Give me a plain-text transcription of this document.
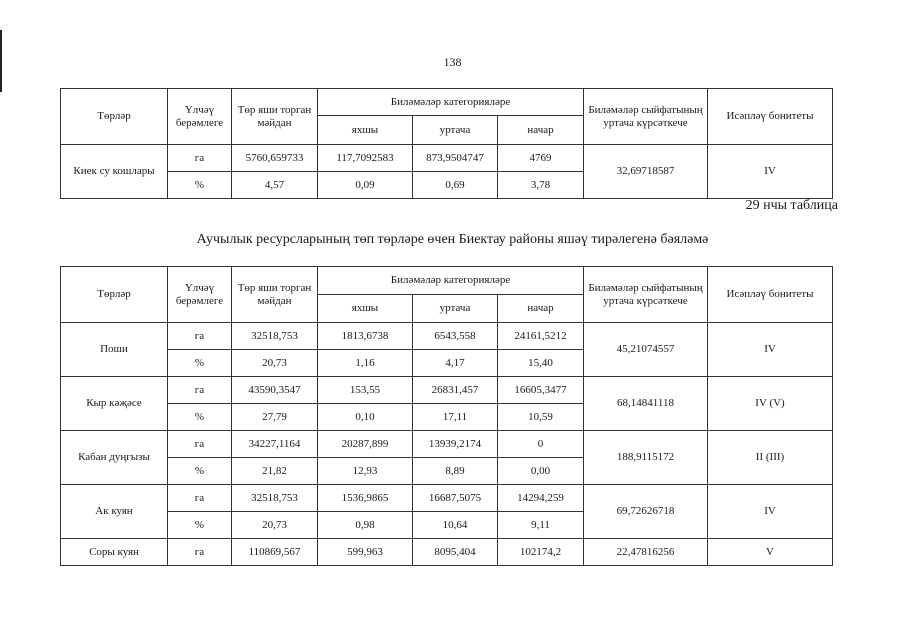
138
Төрләр	Үлчәү берәмлеге	Төр яши торган мәйдан	Биләмәләр категорияләре			Биләмәләр сыйфатының уртача күрсәткече	Исәпләү бонитеты
			яхшы	уртача	начар		
Киек су кошлары	га	5760,659733	117,7092583	873,9504747	4769	32,69718587	IV
	%	4,57	0,09	0,69	3,78		
29 нчы таблица
Аучылык ресурсларының төп төрләре өчен Биектау районы яшәү тирәлегенә бәяләмә
Төрләр	Үлчәү берәмлеге	Төр яши торган мәйдан	Биләмәләр категорияләре			Биләмәләр сыйфатының уртача күрсәткече	Исәпләү бонитеты
			яхшы	уртача	начар		
Поши	га	32518,753	1813,6738	6543,558	24161,5212	45,21074557	IV
	%	20,73	1,16	4,17	15,40		
Кыр кәҗәсе	га	43590,3547	153,55	26831,457	16605,3477	68,14841118	IV (V)
	%	27,79	0,10	17,11	10,59		
Кабан дуңгызы	га	34227,1164	20287,899	13939,2174	0	188,9115172	II (III)
	%	21,82	12,93	8,89	0,00		
Ак куян	га	32518,753	1536,9865	16687,5075	14294,259	69,72626718	IV
	%	20,73	0,98	10,64	9,11		
Соры куян	га	110869,567	599,963	8095,404	102174,2	22,47816256	V
